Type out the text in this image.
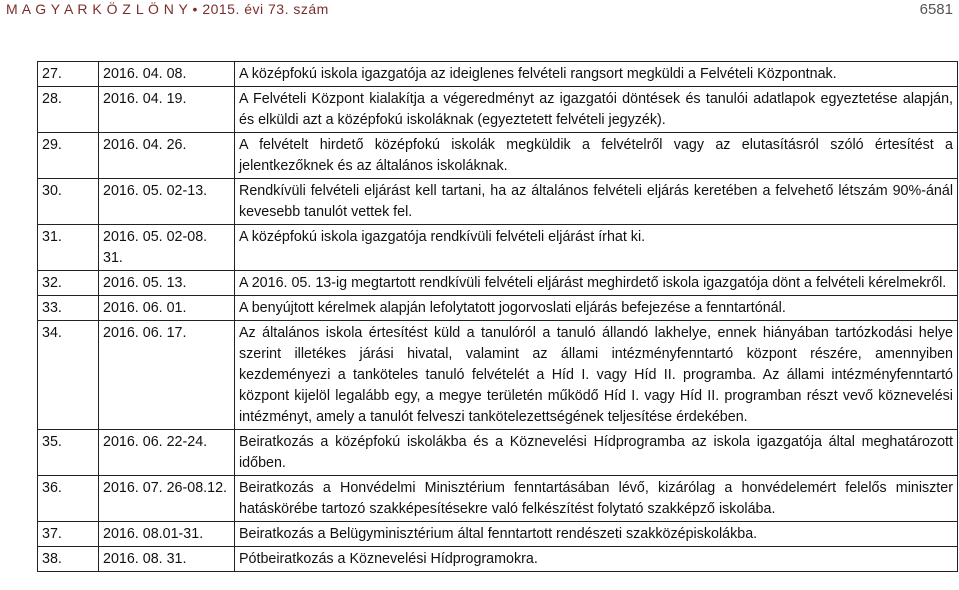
M A G Y A R K Ö Z L Ö N Y • 2015. évi 73. szám	6581
27.	2016. 04. 08.	A középfokú iskola igazgatója az ideiglenes felvételi rangsort megküldi a Felvételi Központnak.
28.	2016. 04. 19.	A Felvételi Központ kialakítja a végeredményt az igazgatói döntések és tanulói adatlapok egyeztetése alapján, és elküldi azt a középfokú iskoláknak (egyeztetett felvételi jegyzék).
29.	2016. 04. 26.	A felvételt hirdető középfokú iskolák megküldik a felvételről vagy az elutasításról szóló értesítést a jelentkezőknek és az általános iskoláknak.
30.	2016. 05. 02-13.	Rendkívüli felvételi eljárást kell tartani, ha az általános felvételi eljárás keretében a felvehető létszám 90%-ánál kevesebb tanulót vettek fel.
31.	2016. 05. 02-08. 31.	A középfokú iskola igazgatója rendkívüli felvételi eljárást írhat ki.
32.	2016. 05. 13.	A 2016. 05. 13-ig megtartott rendkívüli felvételi eljárást meghirdető iskola igazgatója dönt a felvételi kérelmekről.
33.	2016. 06. 01.	A benyújtott kérelmek alapján lefolytatott jogorvoslati eljárás befejezése a fenntartónál.
34.	2016. 06. 17.	Az általános iskola értesítést küld a tanulóról a tanuló állandó lakhelye, ennek hiányában tartózkodási helye szerint illetékes járási hivatal, valamint az állami intézményfenntartó központ részére, amennyiben kezdeményezi a tanköteles tanuló felvételét a Híd I. vagy Híd II. programba. Az állami intézményfenntartó központ kijelöl legalább egy, a megye területén működő Híd I. vagy Híd II. programban részt vevő köznevelési intézményt, amely a tanulót felveszi tankötelezettségének teljesítése érdekében.
35.	2016. 06. 22-24.	Beiratkozás a középfokú iskolákba és a Köznevelési Hídprogramba az iskola igazgatója által meghatározott időben.
36.	2016. 07. 26-08.12.	Beiratkozás a Honvédelmi Minisztérium fenntartásában lévő, kizárólag a honvédelemért felelős miniszter hatáskörébe tartozó szakképesítésekre való felkészítést folytató szakképző iskolába.
37.	2016. 08.01-31.	Beiratkozás a Belügyminisztérium által fenntartott rendészeti szakközépiskolákba.
38.	2016. 08. 31.	Pótbeiratkozás a Köznevelési Hídprogramokra.
